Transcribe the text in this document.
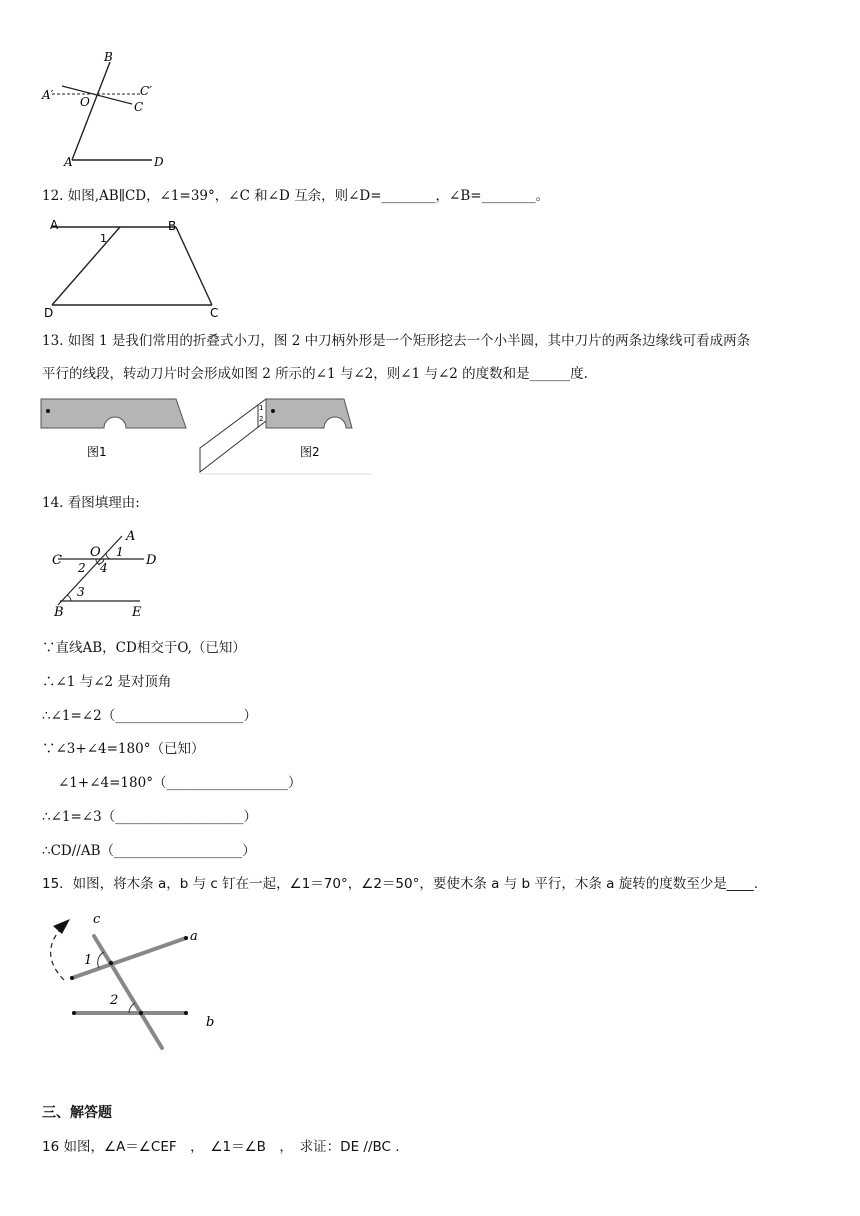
B
A′ O
C′
C
A	D
12. 如图,AB∥CD，∠1=39°，∠C 和∠D 互余，则∠D=________，∠B=________。
A	B
1
D	C
13. 如图 1 是我们常用的折叠式小刀，图 2 中刀柄外形是一个矩形挖去一个小半圆，其中刀片的两条边缘线可看成两条
平行的线段，转动刀片时会形成如图 2 所示的∠1 与∠2，则∠1 与∠2 的度数和是______度.
图1
1
2
图2
14. 看图填理由:
A
C
O 1
D
2 4
3
B	E
∵直线AB，CD相交于O,（已知）
∴∠1 与∠2 是对顶角
∴∠1=∠2（___________________）
∵∠3+∠4=180°（已知）
∠1+∠4=180°（__________________）
∴∠1=∠3（___________________）
∴CD//AB（___________________）
15．如图，将木条 a，b 与 c 钉在一起，∠1＝70°，∠2＝50°，要使木条 a 与 b 平行，木条 a 旋转的度数至少是____.
c
a
1
2
b
三、解答题
16 如图，∠A＝∠CEF　，　∠1＝∠B　，　求证：DE //BC .
